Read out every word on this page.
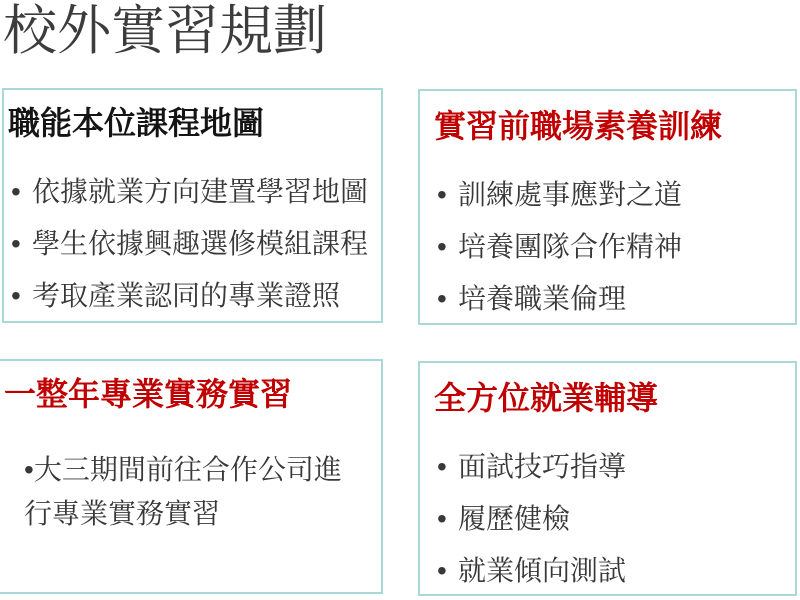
校外實習規劃
職能本位課程地圖
• 依據就業方向建置學習地圖
• 學生依據興趣選修模組課程
• 考取產業認同的專業證照
實習前職場素養訓練
• 訓練處事應對之道
• 培養團隊合作精神
• 培養職業倫理
一整年專業實務實習

• 大三期間前往合作公司進行專業實務實習

全方位就業輔導
• 面試技巧指導
• 履歷健檢
• 就業傾向測試
